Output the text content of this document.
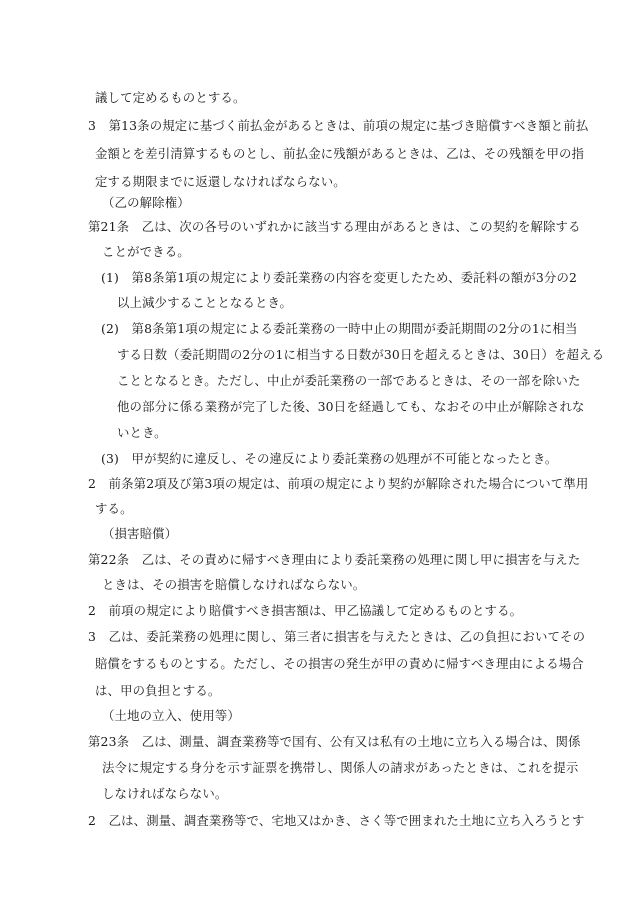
議して定めるものとする。

3　第13条の規定に基づく前払金があるときは、前項の規定に基づき賠償すべき額と前払

金額とを差引清算するものとし、前払金に残額があるときは、乙は、その残額を甲の指

定する期限までに返還しなければならない。

（乙の解除権）

第21条　乙は、次の各号のいずれかに該当する理由があるときは、この契約を解除する

ことができる。

(1)　第8条第1項の規定により委託業務の内容を変更したため、委託料の額が3分の2

以上減少することとなるとき。

(2)　第8条第1項の規定による委託業務の一時中止の期間が委託期間の2分の1に相当

する日数（委託期間の2分の1に相当する日数が30日を超えるときは、30日）を超える

こととなるとき。ただし、中止が委託業務の一部であるときは、その一部を除いた

他の部分に係る業務が完了した後、30日を経過しても、なおその中止が解除されな

いとき。

(3)　甲が契約に違反し、その違反により委託業務の処理が不可能となったとき。

2　前条第2項及び第3項の規定は、前項の規定により契約が解除された場合について準用

する。

（損害賠償）

第22条　乙は、その責めに帰すべき理由により委託業務の処理に関し甲に損害を与えた

ときは、その損害を賠償しなければならない。

2　前項の規定により賠償すべき損害額は、甲乙協議して定めるものとする。

3　乙は、委託業務の処理に関し、第三者に損害を与えたときは、乙の負担においてその

賠償をするものとする。ただし、その損害の発生が甲の責めに帰すべき理由による場合

は、甲の負担とする。

（土地の立入、使用等）

第23条　乙は、測量、調査業務等で国有、公有又は私有の土地に立ち入る場合は、関係

法令に規定する身分を示す証票を携帯し、関係人の請求があったときは、これを提示

しなければならない。

2　乙は、測量、調査業務等で、宅地又はかき、さく等で囲まれた土地に立ち入ろうとす
